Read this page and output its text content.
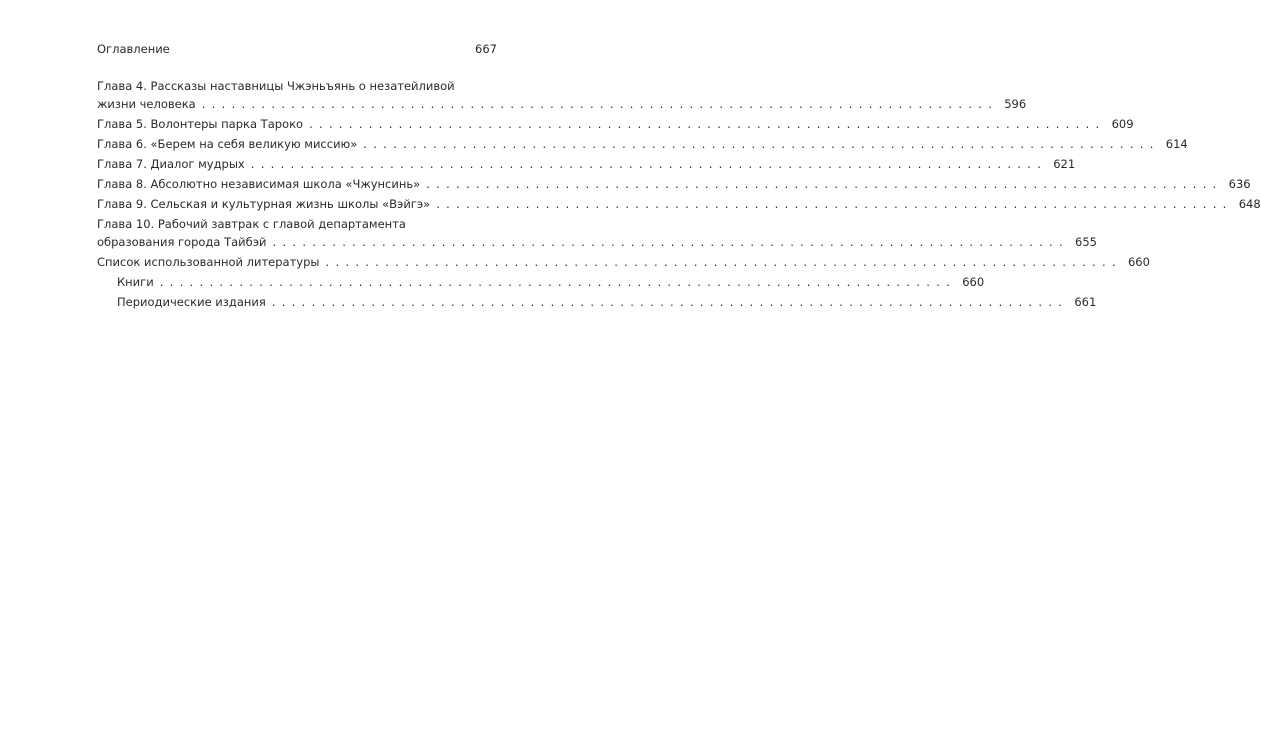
Оглавление	667
Глава 4. Рассказы наставницы Чжэньъянь о незатейливой
жизни человека ................................................................................ 596
Глава 5. Волонтеры парка Тароко ................................................................................ 609
Глава 6. «Берем на себя великую миссию» ................................................................................ 614
Глава 7. Диалог мудрых ................................................................................ 621
Глава 8. Абсолютно независимая школа «Чжунсинь» ................................................................................ 636
Глава 9. Сельская и культурная жизнь школы «Вэйгэ» ................................................................................ 648
Глава 10. Рабочий завтрак с главой департамента
образования города Тайбэй ................................................................................ 655
Список использованной литературы ................................................................................ 660
Книги ................................................................................ 660
Периодические издания ................................................................................ 661
